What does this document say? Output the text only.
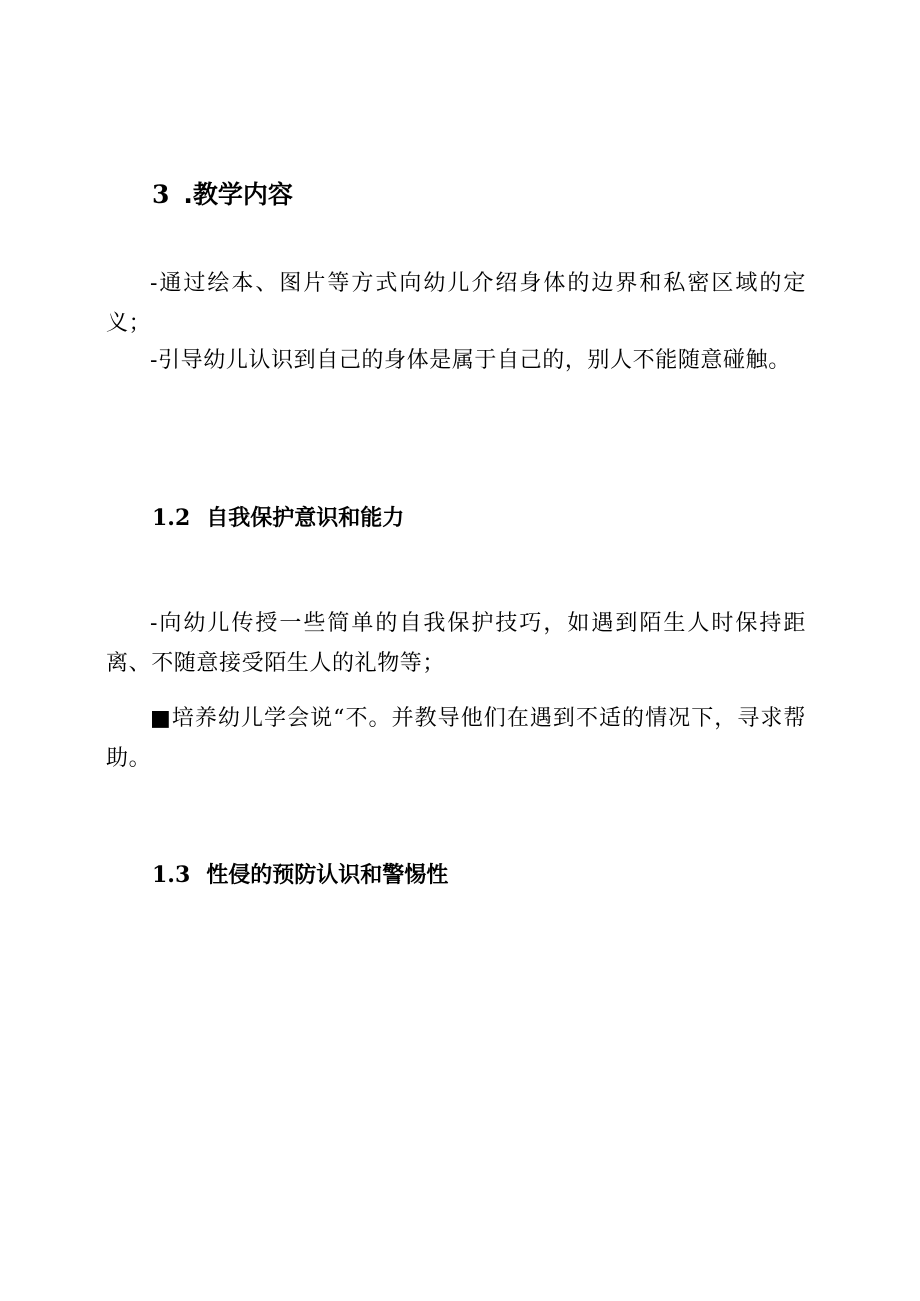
3 .教学内容

-通过绘本、图片等方式向幼儿介绍身体的边界和私密区域的定义；

-引导幼儿认识到自己的身体是属于自己的，别人不能随意碰触。

1.2 自我保护意识和能力

-向幼儿传授一些简单的自我保护技巧，如遇到陌生人时保持距离、不随意接受陌生人的礼物等；

■培养幼儿学会说“不。并教导他们在遇到不适的情况下，寻求帮助。

1.3 性侵的预防认识和警惕性
